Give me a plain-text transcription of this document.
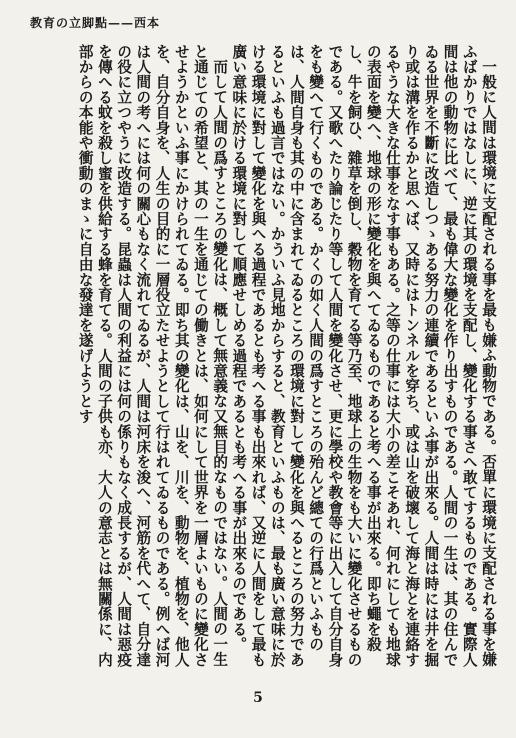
教育の立脚點——西本

一般に人間は環境に支配される事を最も嫌ふ動物である。否單に環境に支配される事を嫌ふばかりではなしに、逆に其の環境を支配し、變化する事さへ敢てするものである。實際人間は他の動物に比べて、最も偉大な變化を作り出すものである。人間の一生は、其の住んでゐる世界を不斷に改造しつゝある努力の連續であるといふ事が出來る。人間は時には井を掘り或は溝を作るかと思へば、又時にはトンネルを穿ち、或は山を破壞して海と海とを連絡するやうな大きな仕事をなす事もある。之等の仕事には大小の差こそあれ、何れにしても地球の表面を變へ、地球の形に變化を與へてゐるものであると考へる事が出來る。即ち蠅を殺し、牛を飼ひ、雜草を倒し、穀物を育てる等乃至、地球上の生物をも大いに變化させるものである。又歌へたり論じたり等して人間を變化させ、更に學校や教會等に出入して自分自身をも變へて行くものである。かくの如く人間の爲すところの殆んど總ての行爲といふものは、人間自身も其の中に含まれてゐるところの環境に對して變化を與へるところの努力であるといふも過言ではない。かういふ見地からすると、教育といふものは、最も廣い意味に於ける環境に對して變化を與へる過程であるとも考へる事も出來れば、又逆に人間をして最も廣い意味に於ける環境に對して順應せしめる過程であるとも考へる事が出來るのである。

而して人間の爲すところの變化は、概して無意義な又無目的なものではない。人間の一生と通じての希望と、其の一生を通じての働きとは、如何にして世界を一層よいものに變化させようかといふ事にかけられてゐる。即ち其の變化は、山を、川を、動物を、植物を、他人を、自分自身を、人生の目的に一層役立たせようとして行はれてゐるものである。例へば河は人間の考へには何の關心もなく流れてゐるが、人間は河床を浚へ、河筋を代へて、自分達の役に立つやうに改造する。昆蟲は人間の利益には何の係りもなく成長するが、人間は惡疫を傳へる蚊を殺し蜜を供給する蜂を育てる。人間の子供も亦、大人の意志とは無關係に、内部からの本能や衝動のまゝに自由な發達を遂げようとす

5
